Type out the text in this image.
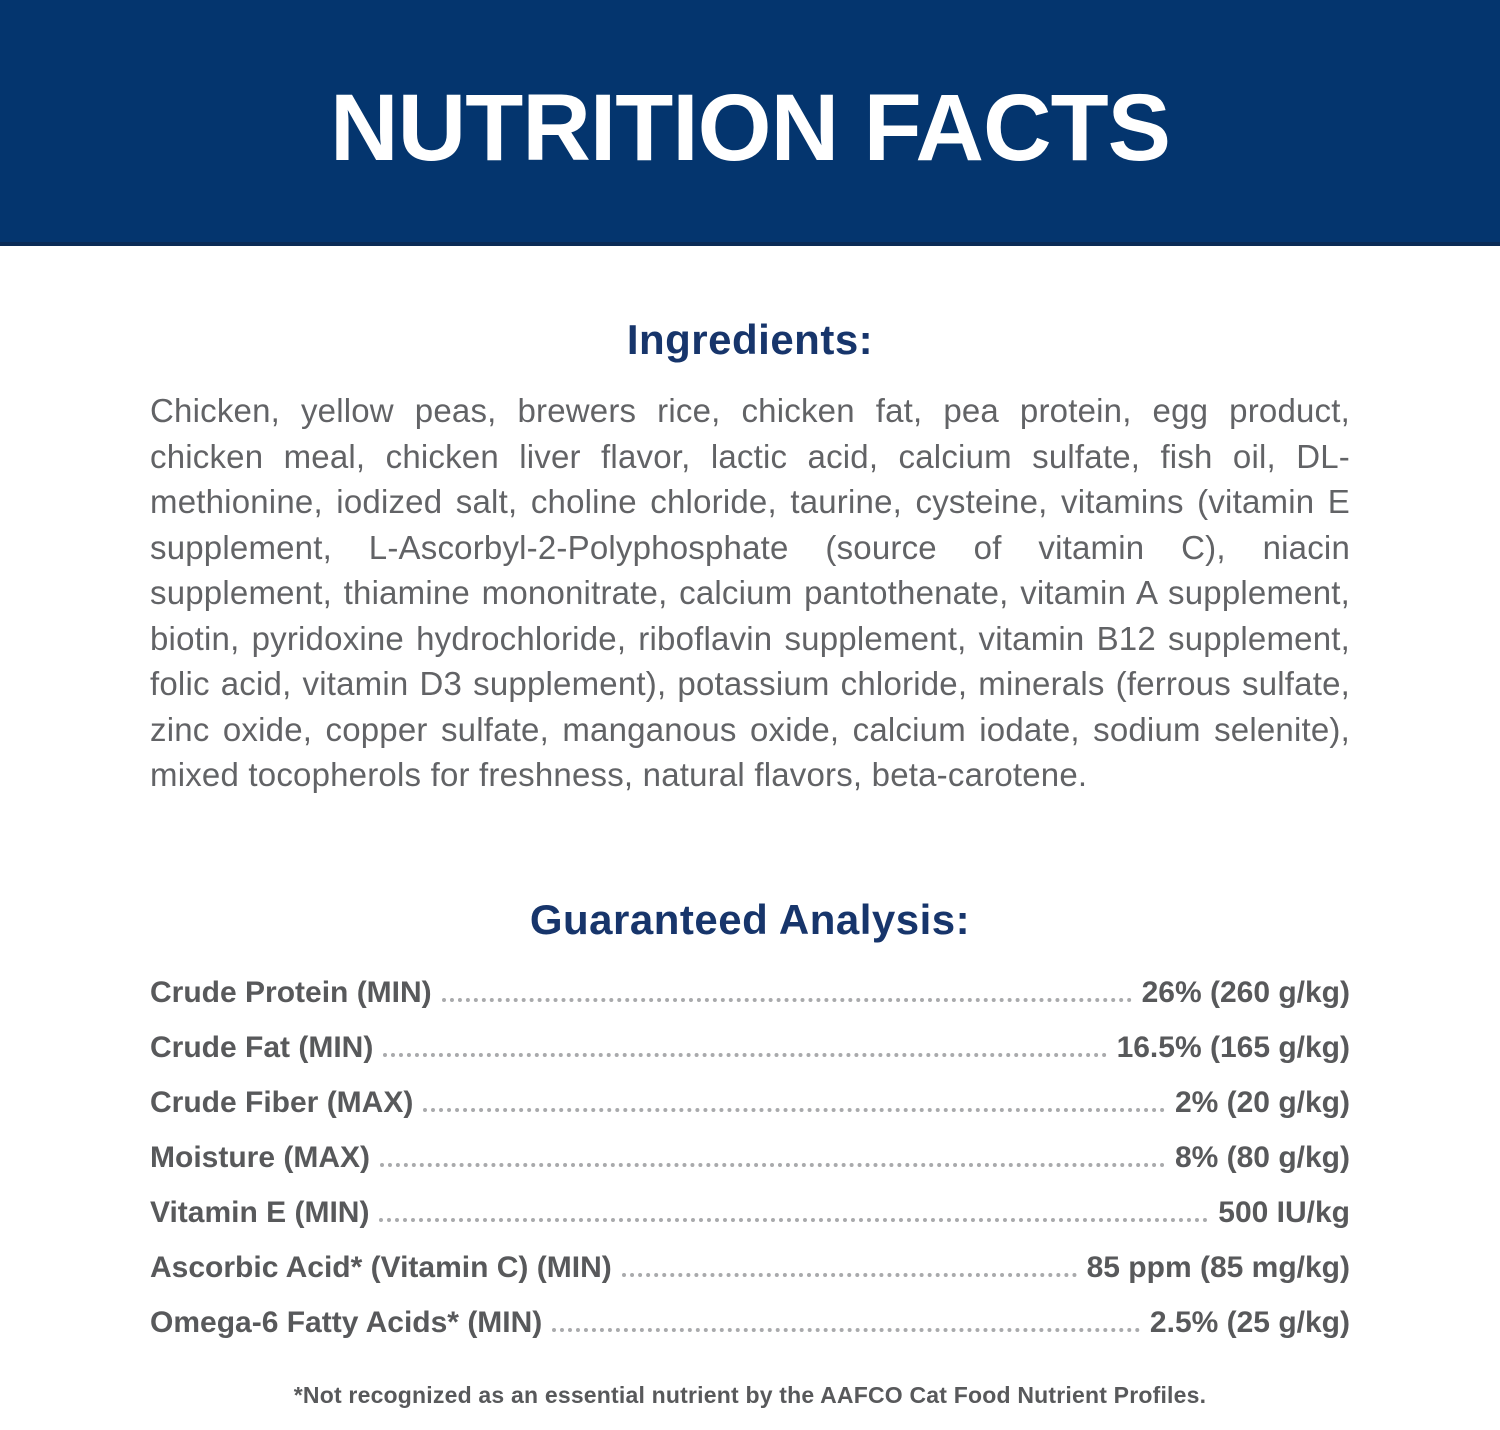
NUTRITION FACTS
Ingredients:

Chicken, yellow peas, brewers rice, chicken fat, pea protein, egg product, chicken meal, chicken liver flavor, lactic acid, calcium sulfate, fish oil, DL-methionine, iodized salt, choline chloride, taurine, cysteine, vitamins (vitamin E supplement, L-Ascorbyl-2-Polyphosphate (source of vitamin C), niacin supplement, thiamine mononitrate, calcium pantothenate, vitamin A supplement, biotin, pyridoxine hydrochloride, riboflavin supplement, vitamin B12 supplement, folic acid, vitamin D3 supplement), potassium chloride, minerals (ferrous sulfate, zinc oxide, copper sulfate, manganous oxide, calcium iodate, sodium selenite), mixed tocopherols for freshness, natural flavors, beta-carotene.

Guaranteed Analysis:
Crude Protein (MIN)	26% (260 g/kg)
Crude Fat (MIN)	16.5% (165 g/kg)
Crude Fiber (MAX)	2% (20 g/kg)
Moisture (MAX)	8% (80 g/kg)
Vitamin E (MIN)	500 IU/kg
Ascorbic Acid* (Vitamin C) (MIN)	85 ppm (85 mg/kg)
Omega-6 Fatty Acids* (MIN)	2.5% (25 g/kg)

*Not recognized as an essential nutrient by the AAFCO Cat Food Nutrient Profiles.
